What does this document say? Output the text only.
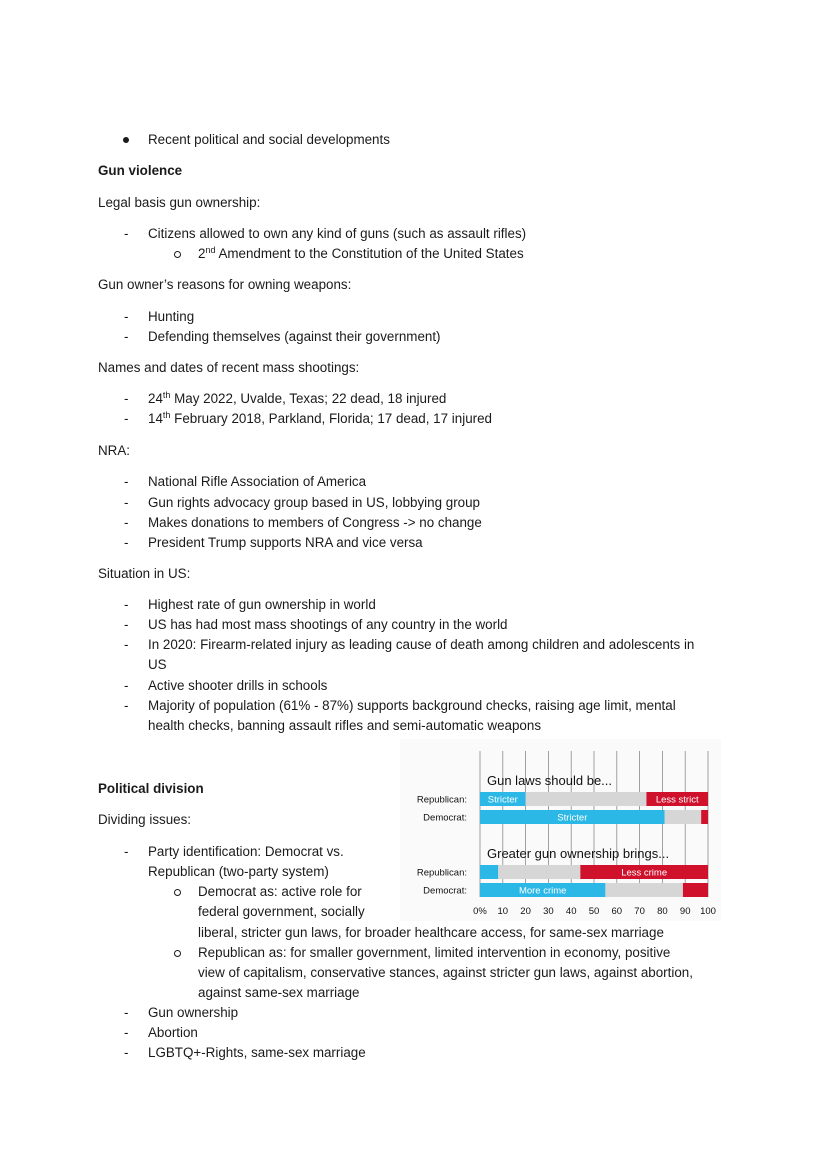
Recent political and social developments
Gun violence
Legal basis gun ownership:
- Citizens allowed to own any kind of guns (such as assault rifles)
2nd Amendment to the Constitution of the United States
Gun owner’s reasons for owning weapons:
- Hunting
- Defending themselves (against their government)
Names and dates of recent mass shootings:
- 24th May 2022, Uvalde, Texas; 22 dead, 18 injured
- 14th February 2018, Parkland, Florida; 17 dead, 17 injured
NRA:
- National Rifle Association of America
- Gun rights advocacy group based in US, lobbying group
- Makes donations to members of Congress -> no change
- President Trump supports NRA and vice versa
Situation in US:
- Highest rate of gun ownership in world
- US has had most mass shootings of any country in the world
- In 2020: Firearm-related injury as leading cause of death among children and adolescents in
US
- Active shooter drills in schools
- Majority of population (61% - 87%) supports background checks, raising age limit, mental
health checks, banning assault rifles and semi-automatic weapons
Political division
Dividing issues:
- Party identification: Democrat vs.
Republican (two-party system)
Democrat as: active role for
federal government, socially
liberal, stricter gun laws, for broader healthcare access, for same-sex marriage
Republican as: for smaller government, limited intervention in economy, positive
view of capitalism, conservative stances, against stricter gun laws, against abortion,
against same-sex marriage
- Gun ownership
- Abortion
- LGBTQ+-Rights, same-sex marriage
Gun laws should be...
Republican: Stricter	Less strict
Democrat:	Stricter
Greater gun ownership brings...
Republican:	Less crime
Democrat:	More crime
0% 10 20 30 40 50 60 70 80 90 100
